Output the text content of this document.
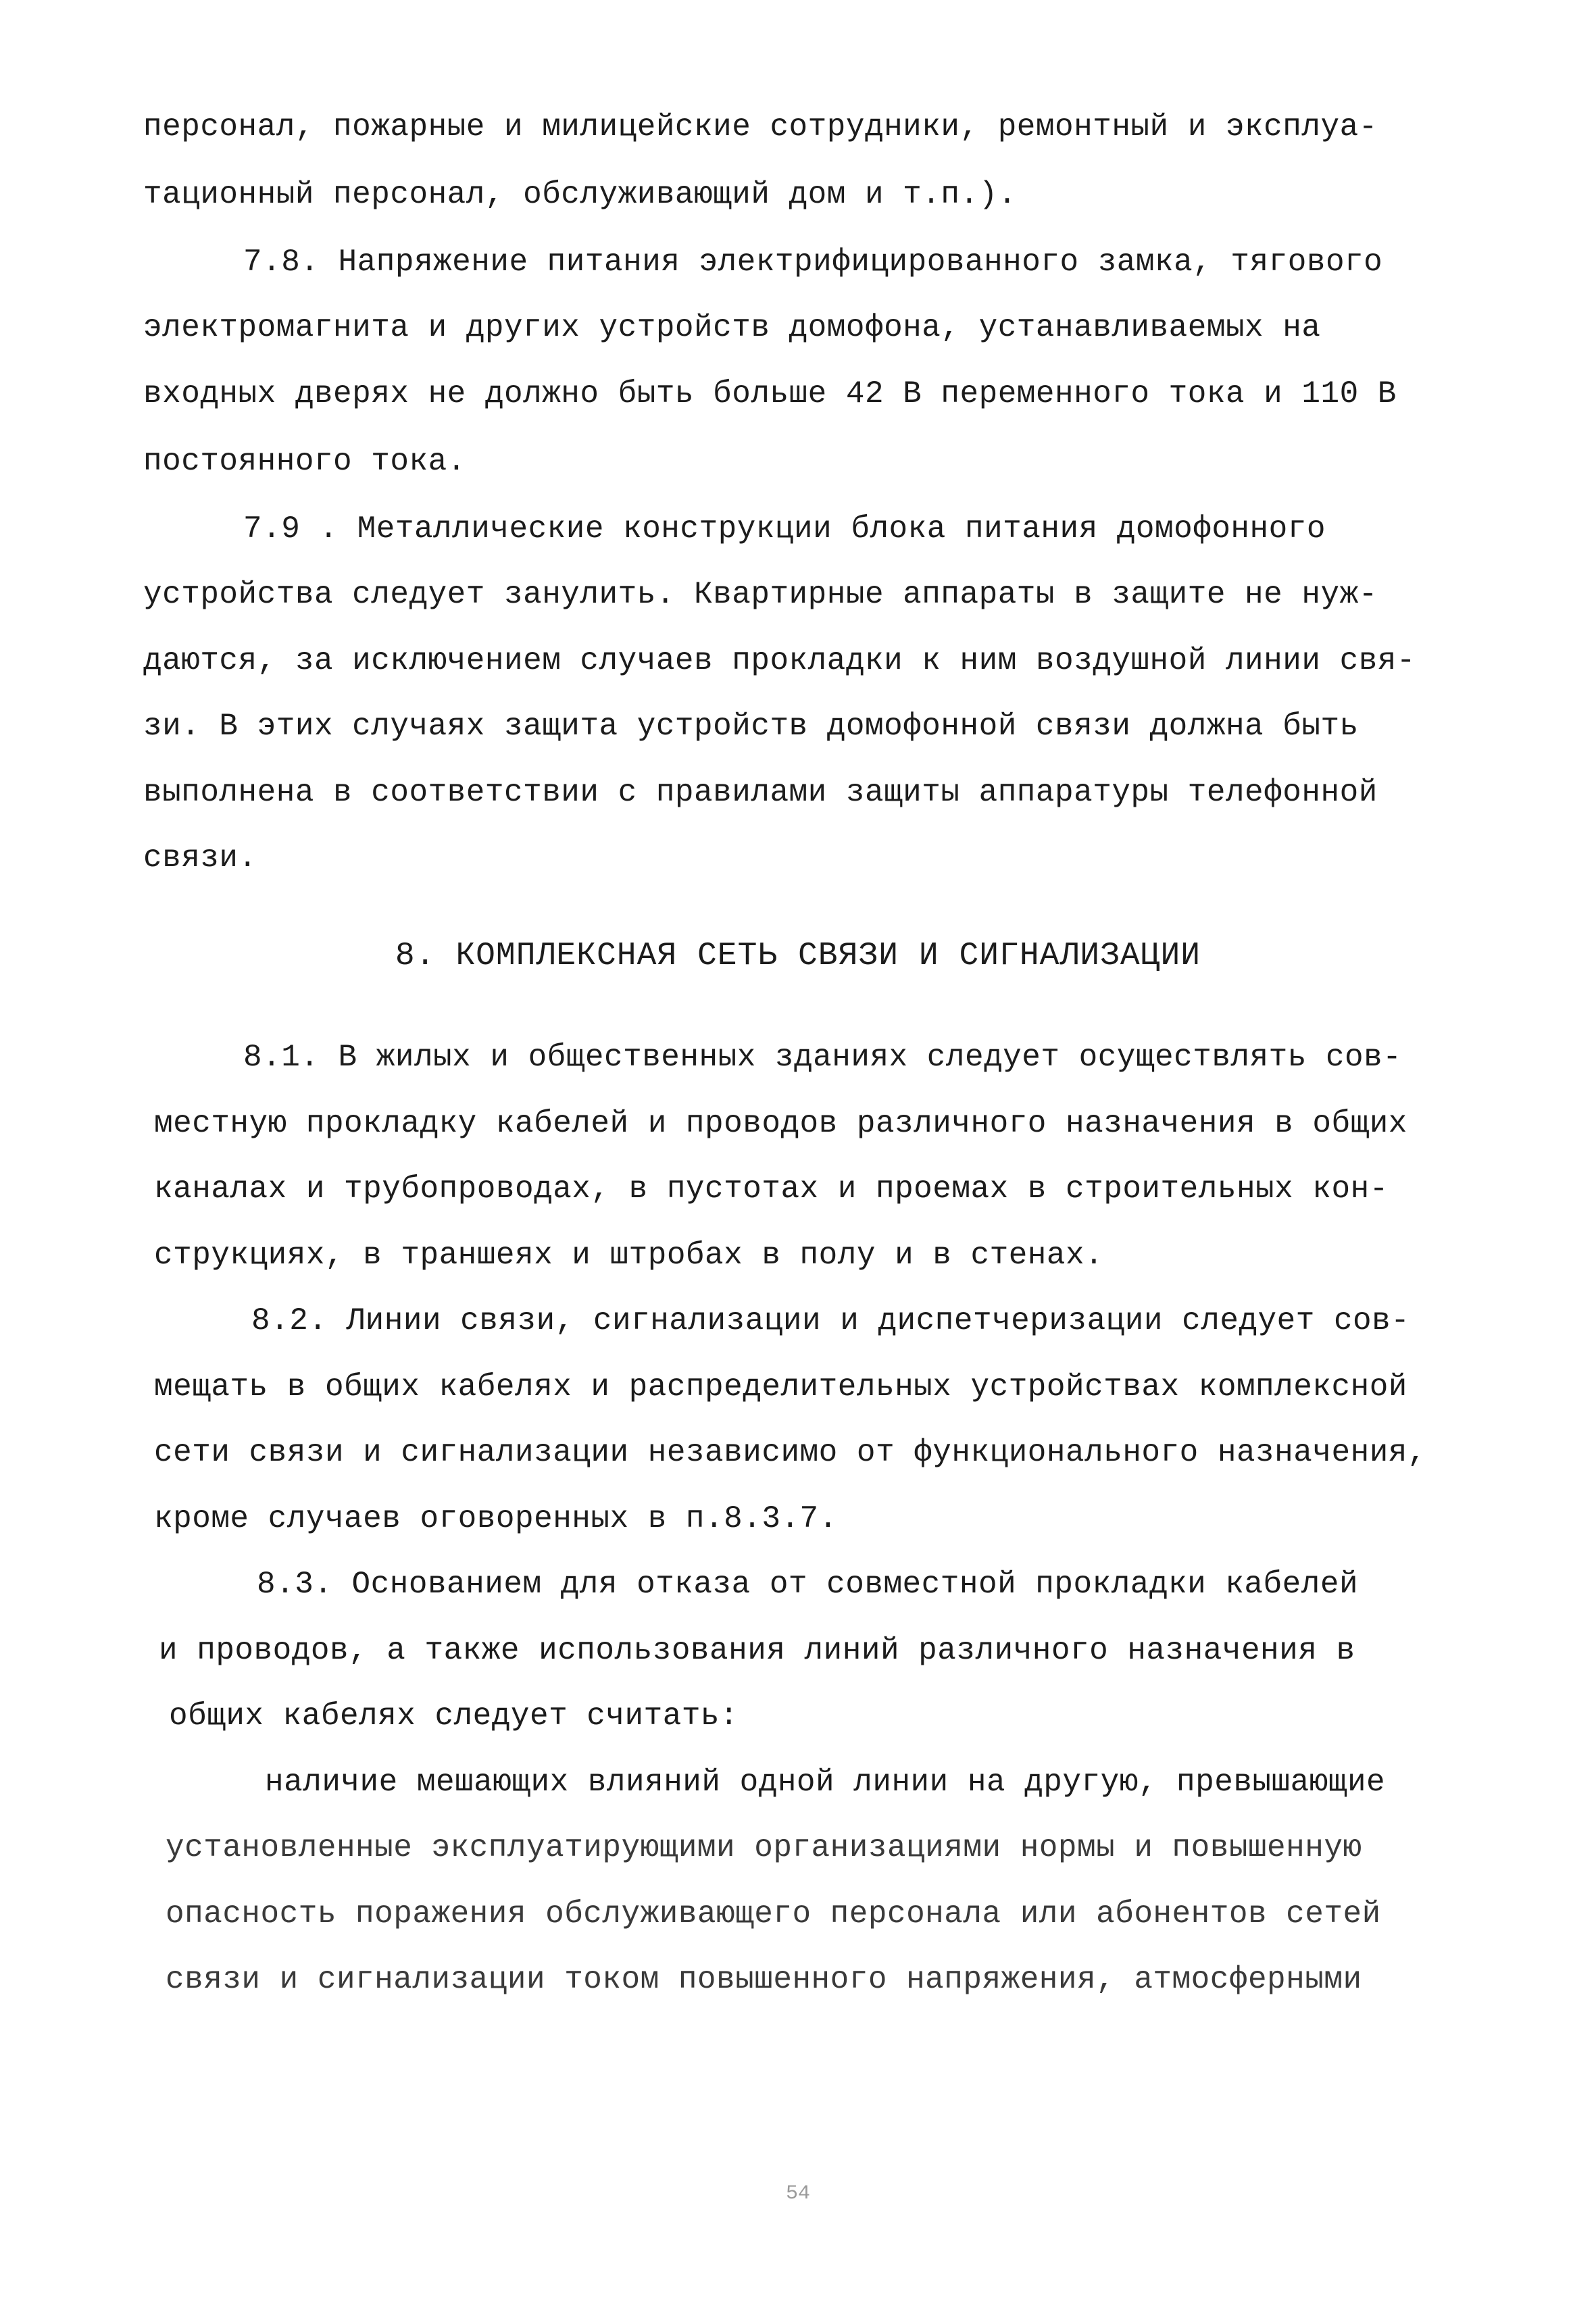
персонал, пожарные и милицейские сотрудники, ремонтный и эксплуа-
тационный персонал, обслуживающий дом и т.п.).
7.8. Напряжение питания электрифицированного замка, тягового
электромагнита и других устройств домофона, устанавливаемых на
входных дверях не должно быть больше 42 В переменного тока и 110 В
постоянного тока.
7.9 . Металлические конструкции блока питания домофонного
устройства следует занулить. Квартирные аппараты в защите не нуж-
даются, за исключением случаев прокладки к ним воздушной линии свя-
зи. В этих случаях защита устройств домофонной связи должна быть
выполнена в соответствии с правилами защиты аппаратуры телефонной
связи.
8. КОМПЛЕКСНАЯ СЕТЬ СВЯЗИ И СИГНАЛИЗАЦИИ
8.1. В жилых и общественных зданиях следует осуществлять сов-
местную прокладку кабелей и проводов различного назначения в общих
каналах и трубопроводах, в пустотах и проемах в строительных кон-
струкциях, в траншеях и штробах в полу и в стенах.
8.2. Линии связи, сигнализации и диспетчеризации следует сов-
мещать в общих кабелях и распределительных устройствах комплексной
сети связи и сигнализации независимо от функционального назначения,
кроме случаев оговоренных в п.8.3.7.
8.3. Основанием для отказа от совместной прокладки кабелей
и проводов, а также использования линий различного назначения в
общих кабелях следует считать:
наличие мешающих влияний одной линии на другую, превышающие
установленные эксплуатирующими организациями нормы и повышенную
опасность поражения обслуживающего персонала или абонентов сетей
связи и сигнализации током повышенного напряжения, атмосферными
54
